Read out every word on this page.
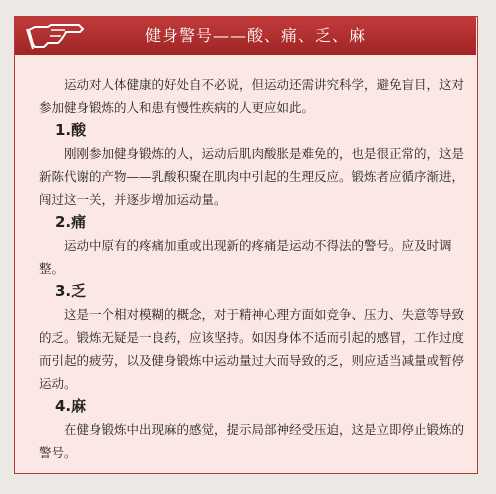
健身警号——酸、痛、乏、麻

运动对人体健康的好处自不必说，但运动还需讲究科学，避免盲目，这对参加健身锻炼的人和患有慢性疾病的人更应如此。

1.酸

刚刚参加健身锻炼的人，运动后肌肉酸胀是难免的，也是很正常的，这是新陈代谢的产物——乳酸积聚在肌肉中引起的生理反应。锻炼者应循序渐进，闯过这一关，并逐步增加运动量。

2.痛

运动中原有的疼痛加重或出现新的疼痛是运动不得法的警号。应及时调整。

3.乏

这是一个相对模糊的概念，对于精神心理方面如竞争、压力、失意等导致的乏。锻炼无疑是一良药，应该坚持。如因身体不适而引起的感冒，工作过度而引起的疲劳，以及健身锻炼中运动量过大而导致的乏，则应适当减量或暂停运动。

4.麻

在健身锻炼中出现麻的感觉，提示局部神经受压迫，这是立即停止锻炼的警号。
